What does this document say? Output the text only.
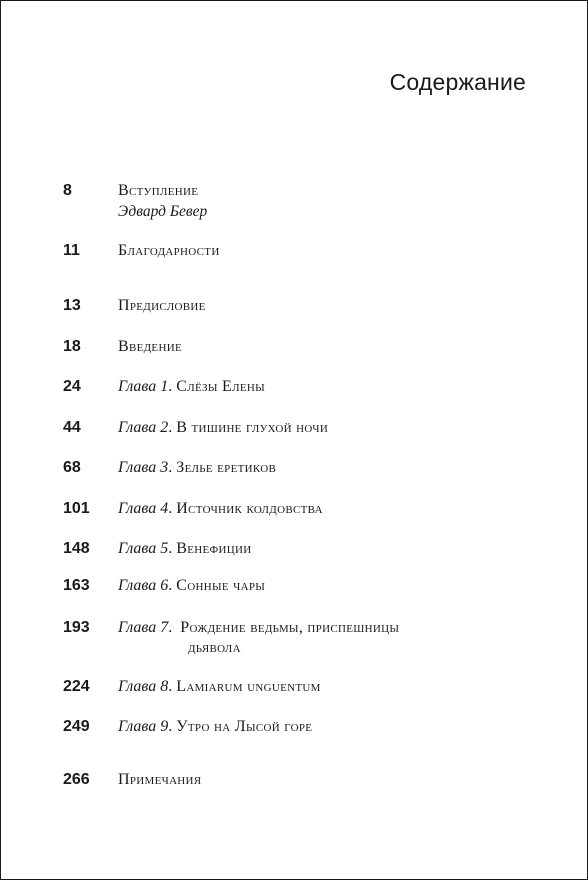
Содержание
8	Вступление
Эдвард Бевер
11 Благодарности
13 Предисловие
18 Введение
24 Глава 1. Слёзы Елены
44 Глава 2. В тишине глухой ночи
68 Глава 3. Зелье еретиков
101 Глава 4. Источник колдовства
148 Глава 5. Венефиции
163 Глава 6. Сонные чары
193 Глава 7.  Рождение ведьмы, приспешницы
дьявола
224 Глава 8. Lamiarum unguentum
249 Глава 9. Утро на Лысой горе
266 Примечания
